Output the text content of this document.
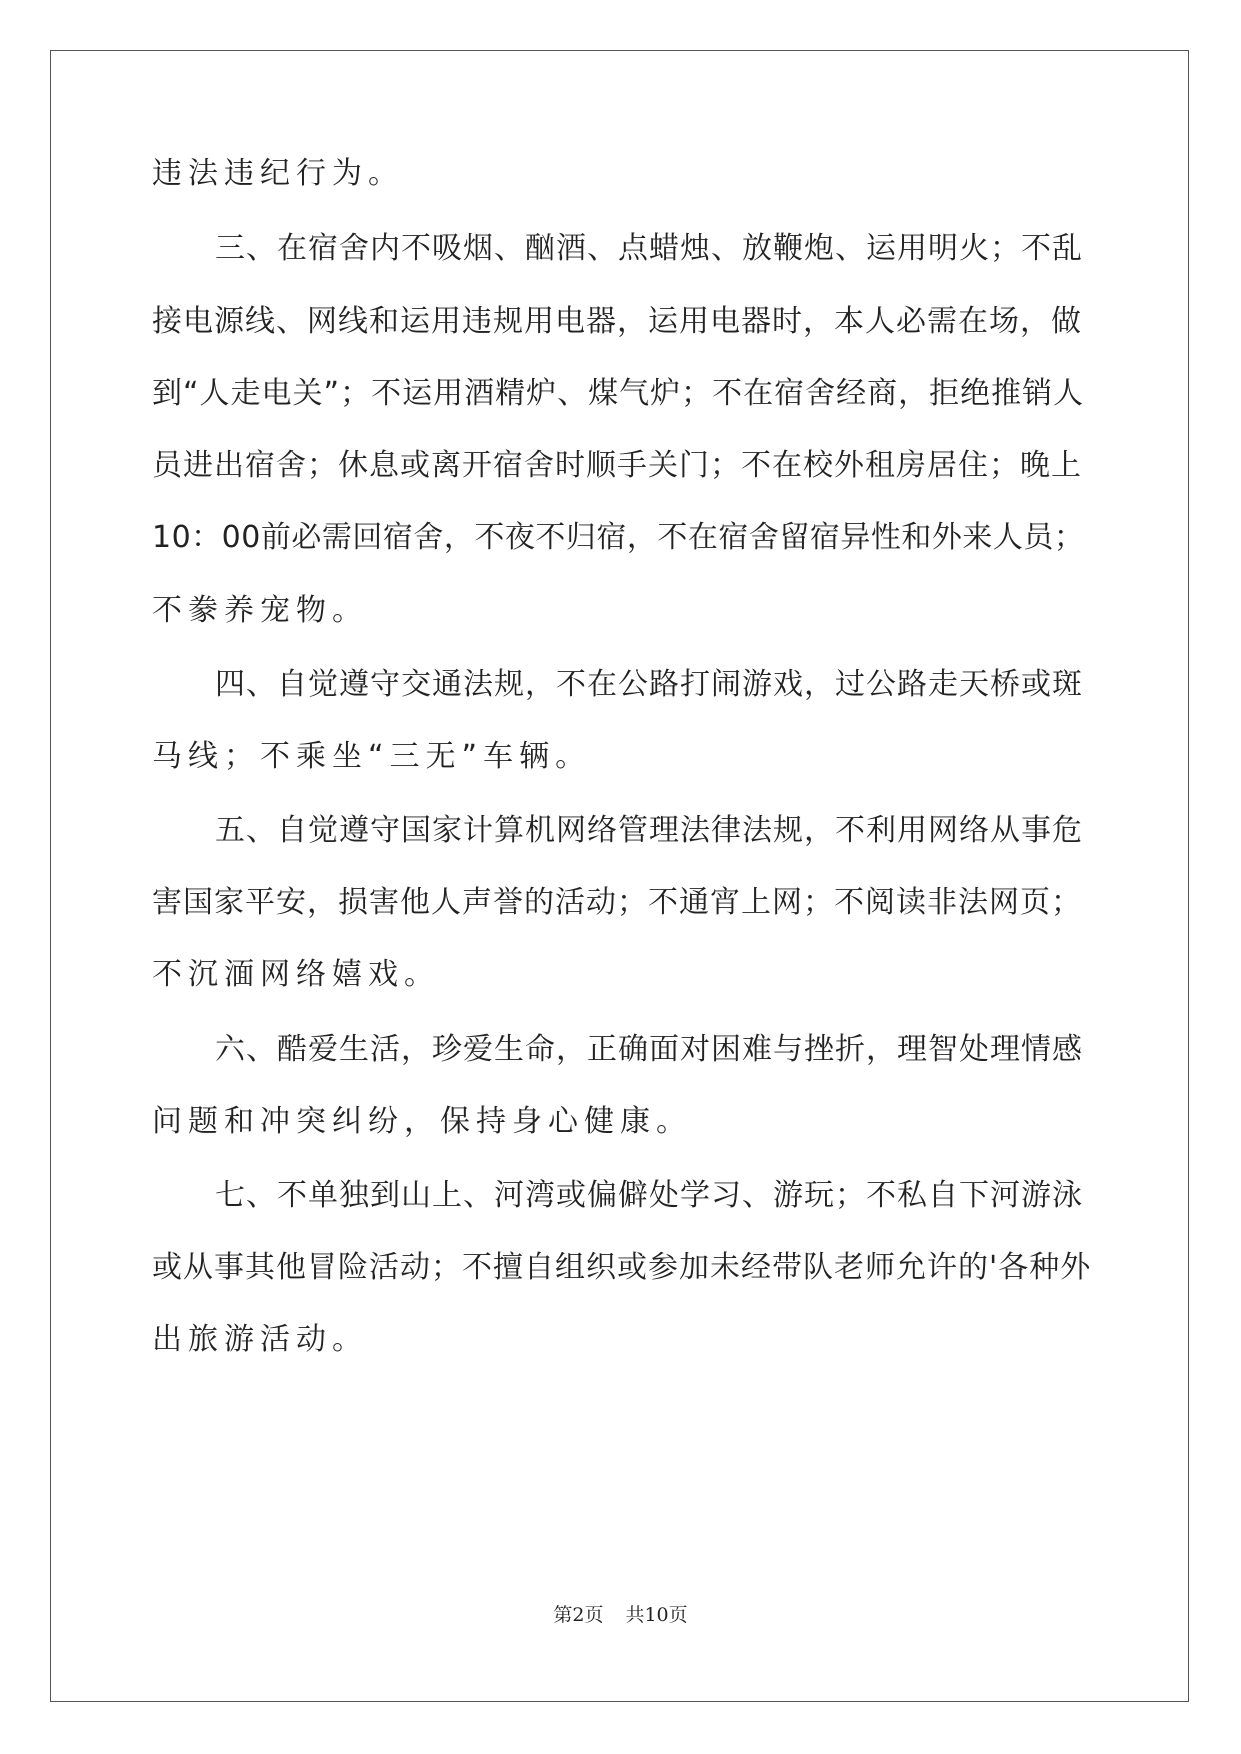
违法违纪行为。
三、在宿舍内不吸烟、酗酒、点蜡烛、放鞭炮、运用明火；不乱
接电源线、网线和运用违规用电器，运用电器时，本人必需在场，做
到“人走电关”；不运用酒精炉、煤气炉；不在宿舍经商，拒绝推销人
员进出宿舍；休息或离开宿舍时顺手关门；不在校外租房居住；晚上
10：00前必需回宿舍，不夜不归宿，不在宿舍留宿异性和外来人员；
不豢养宠物。
四、自觉遵守交通法规，不在公路打闹游戏，过公路走天桥或斑
马线；不乘坐“三无”车辆。
五、自觉遵守国家计算机网络管理法律法规，不利用网络从事危
害国家平安，损害他人声誉的活动；不通宵上网；不阅读非法网页；
不沉湎网络嬉戏。
六、酷爱生活，珍爱生命，正确面对困难与挫折，理智处理情感
问题和冲突纠纷，保持身心健康。
七、不单独到山上、河湾或偏僻处学习、游玩；不私自下河游泳
或从事其他冒险活动；不擅自组织或参加未经带队老师允许的'各种外
出旅游活动。
第2页 共10页
